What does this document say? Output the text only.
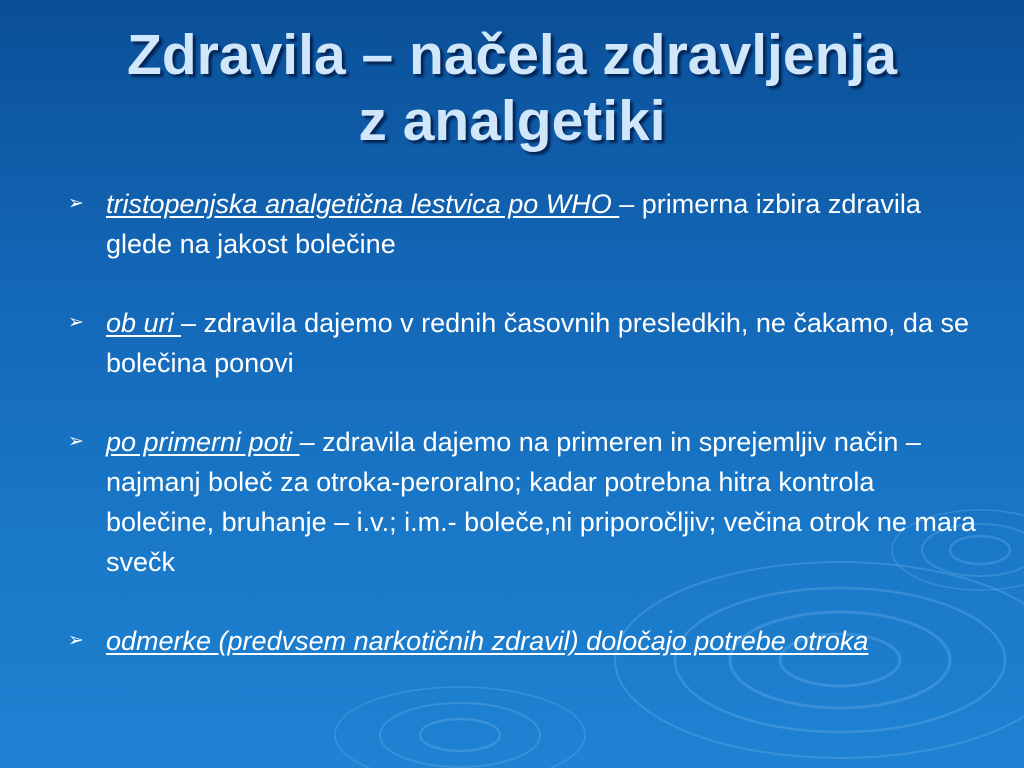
Zdravila – načela zdravljenja
z analgetiki
➢ tristopenjska analgetična lestvica po WHO – primerna izbira zdravila glede na jakost bolečine
➢ ob uri – zdravila dajemo v rednih časovnih presledkih, ne čakamo, da se bolečina ponovi
➢ po primerni poti – zdravila dajemo na primeren in sprejemljiv način – najmanj boleč za otroka-peroralno; kadar potrebna hitra kontrola bolečine, bruhanje – i.v.; i.m.- boleče,ni priporočljiv; večina otrok ne mara svečk
➢ odmerke (predvsem narkotičnih zdravil) določajo potrebe otroka
